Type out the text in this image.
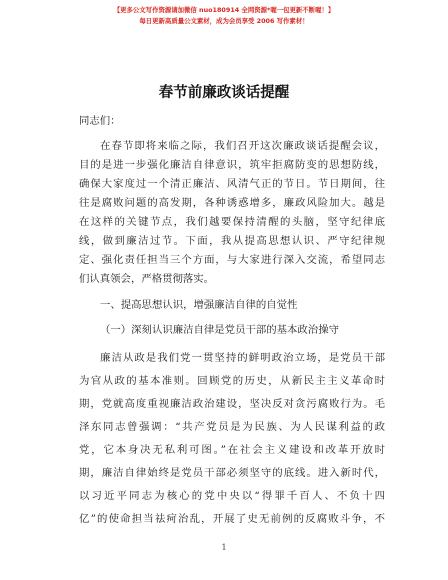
【更多公文写作资源请加微信 nuo180914 全网资源*喔一包更新不断喔！】
每日更新高质量公文素材，成为会员享受 2006 写作素材！
春节前廉政谈话提醒
同志们：
在春节即将来临之际，我们召开这次廉政谈话提醒会议，
目的是进一步强化廉洁自律意识，筑牢拒腐防变的思想防线，
确保大家度过一个清正廉洁、风清气正的节日。节日期间，往
往是腐败问题的高发期，各种诱惑增多，廉政风险加大。越是
在这样的关键节点，我们越要保持清醒的头脑，坚守纪律底
线，做到廉洁过节。下面，我从提高思想认识、严守纪律规
定、强化责任担当三个方面，与大家进行深入交流，希望同志
们认真领会，严格贯彻落实。
一、提高思想认识，增强廉洁自律的自觉性
（一）深刻认识廉洁自律是党员干部的基本政治操守
廉洁从政是我们党一贯坚持的鲜明政治立场，是党员干部
为官从政的基本准则。回顾党的历史，从新民主主义革命时
期，党就高度重视廉洁政治建设，坚决反对贪污腐败行为。毛
泽东同志曾强调：“共产党员是为民族、为人民谋利益的政
党，它本身决无私利可图。”在社会主义建设和改革开放时
期，廉洁自律始终是党员干部必须坚守的底线。进入新时代，
以习近平同志为核心的党中央以“得罪千百人、不负十四
亿”的使命担当祛疴治乱，开展了史无前例的反腐败斗争，不
1
